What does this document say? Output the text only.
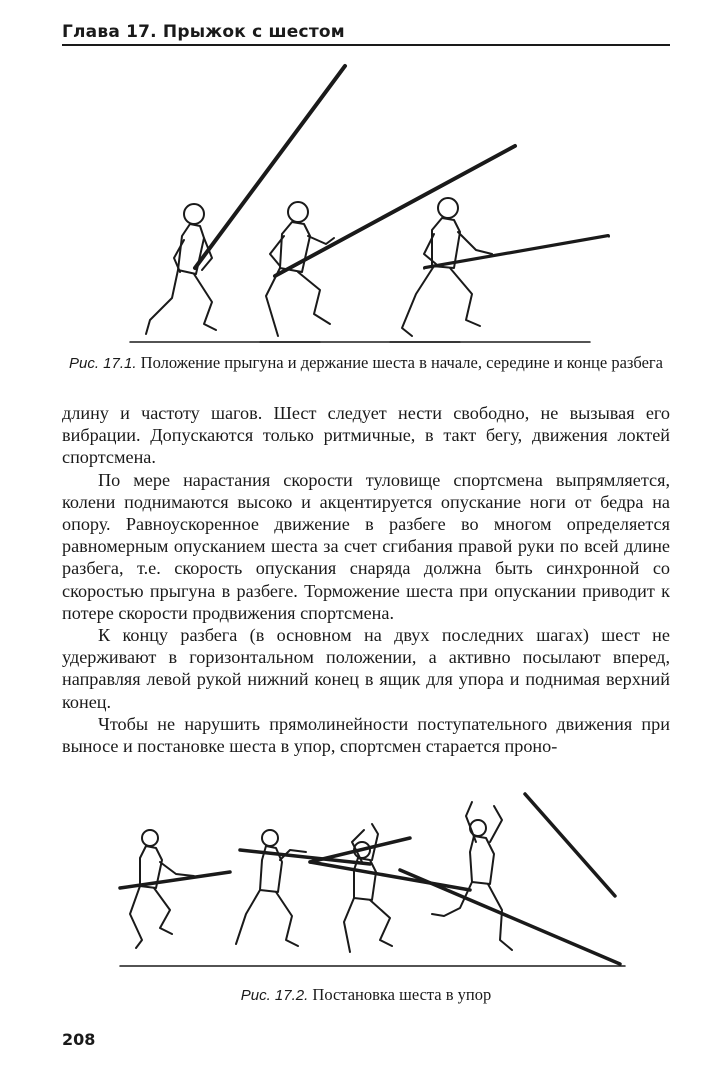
Глава 17. Прыжок с шестом
Рис. 17.1. Положение прыгуна и держание шеста в начале, середине и конце разбега

длину и частоту шагов. Шест следует нести свободно, не вызывая его вибрации. Допускаются только ритмичные, в такт бегу, движения локтей спортсмена.

По мере нарастания скорости туловище спортсмена выпрямляется, колени поднимаются высоко и акцентируется опускание ноги от бедра на опору. Равноускоренное движение в разбеге во многом определяется равномерным опусканием шеста за счет сгибания правой руки по всей длине разбега, т.е. скорость опускания снаряда должна быть синхронной со скоростью прыгуна в разбеге. Торможение шеста при опускании приводит к потере скорости продвижения спортсмена.

К концу разбега (в основном на двух последних шагах) шест не удерживают в горизонтальном положении, а активно посылают вперед, направляя левой рукой нижний конец в ящик для упора и поднимая верхний конец.

Чтобы не нарушить прямолинейности поступательного движения при выносе и постановке шеста в упор, спортсмен старается проно-

Рис. 17.2. Постановка шеста в упор
208
